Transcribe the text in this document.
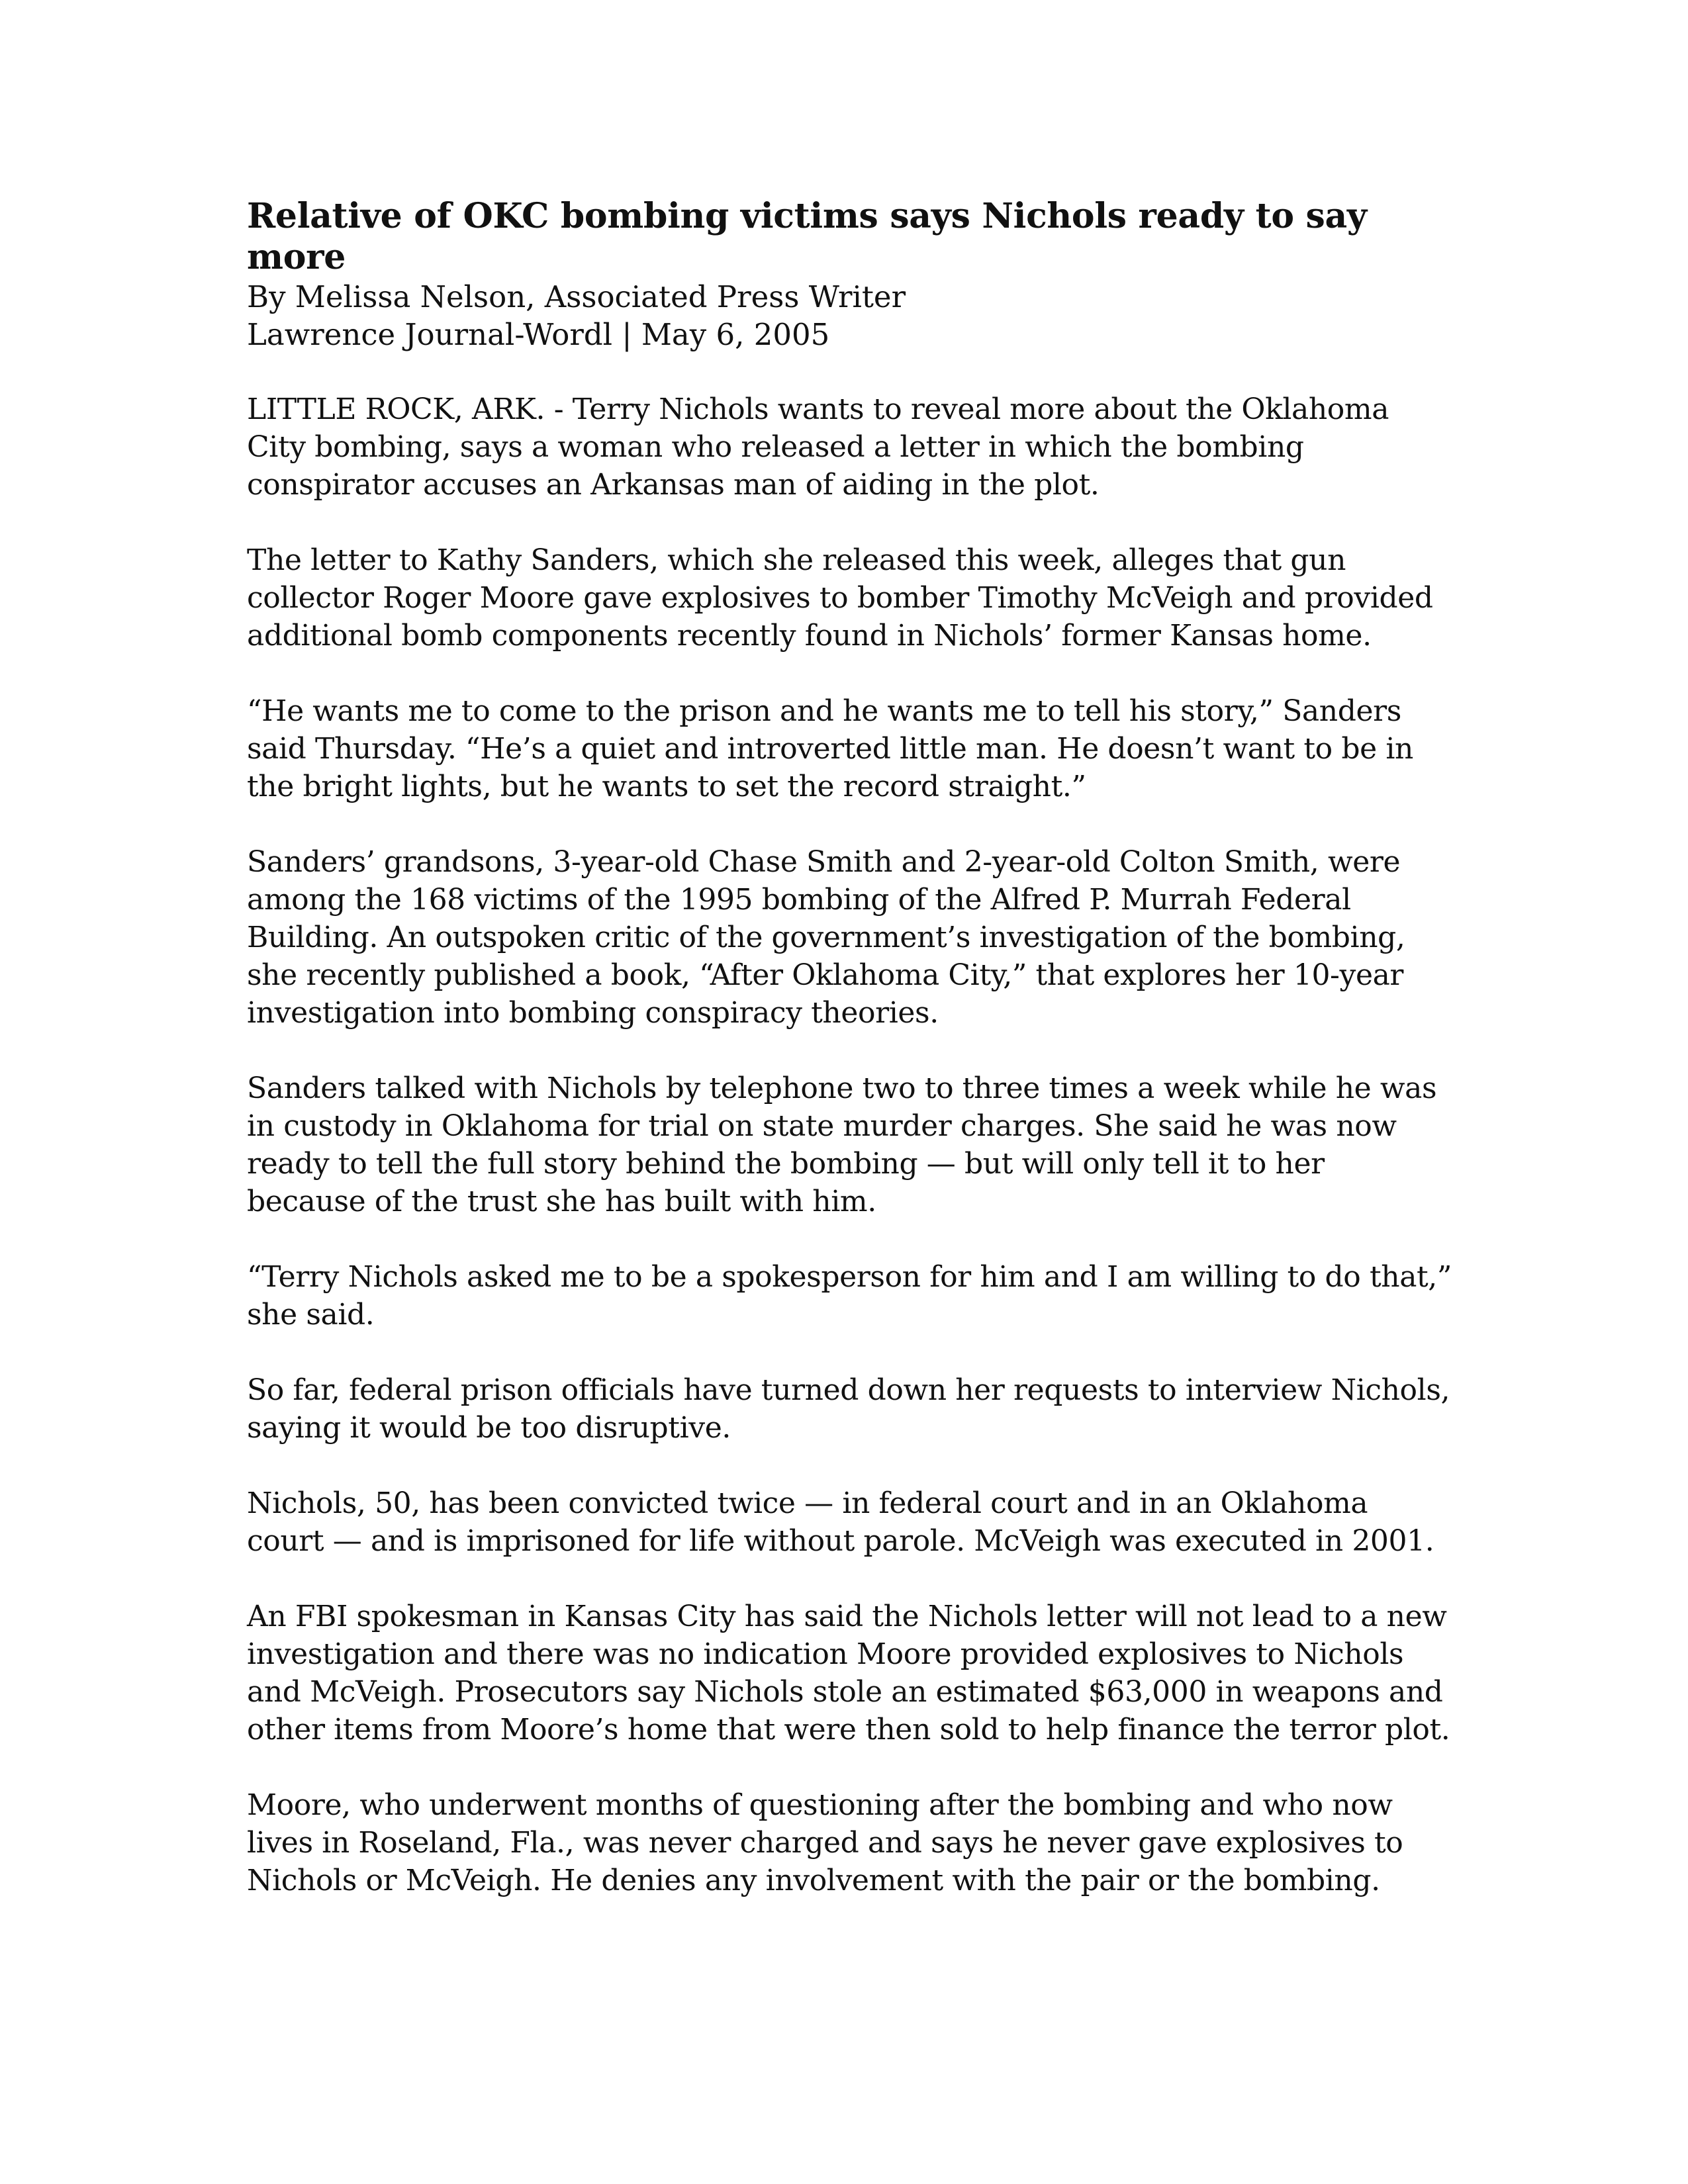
Relative of OKC bombing victims says Nichols ready to say more

By Melissa Nelson, Associated Press Writer

Lawrence Journal-Wordl | May 6, 2005

LITTLE ROCK, ARK. - Terry Nichols wants to reveal more about the Oklahoma City bombing, says a woman who released a letter in which the bombing conspirator accuses an Arkansas man of aiding in the plot.

The letter to Kathy Sanders, which she released this week, alleges that gun collector Roger Moore gave explosives to bomber Timothy McVeigh and provided additional bomb components recently found in Nichols’ former Kansas home.

“He wants me to come to the prison and he wants me to tell his story,” Sanders said Thursday. “He’s a quiet and introverted little man. He doesn’t want to be in the bright lights, but he wants to set the record straight.”

Sanders’ grandsons, 3-year-old Chase Smith and 2-year-old Colton Smith, were among the 168 victims of the 1995 bombing of the Alfred P. Murrah Federal Building. An outspoken critic of the government’s investigation of the bombing, she recently published a book, “After Oklahoma City,” that explores her 10-year investigation into bombing conspiracy theories.

Sanders talked with Nichols by telephone two to three times a week while he was in custody in Oklahoma for trial on state murder charges. She said he was now ready to tell the full story behind the bombing — but will only tell it to her because of the trust she has built with him.

“Terry Nichols asked me to be a spokesperson for him and I am willing to do that,” she said.

So far, federal prison officials have turned down her requests to interview Nichols, saying it would be too disruptive.

Nichols, 50, has been convicted twice — in federal court and in an Oklahoma court — and is imprisoned for life without parole. McVeigh was executed in 2001.

An FBI spokesman in Kansas City has said the Nichols letter will not lead to a new investigation and there was no indication Moore provided explosives to Nichols and McVeigh. Prosecutors say Nichols stole an estimated $63,000 in weapons and other items from Moore’s home that were then sold to help finance the terror plot.

Moore, who underwent months of questioning after the bombing and who now lives in Roseland, Fla., was never charged and says he never gave explosives to Nichols or McVeigh. He denies any involvement with the pair or the bombing.
